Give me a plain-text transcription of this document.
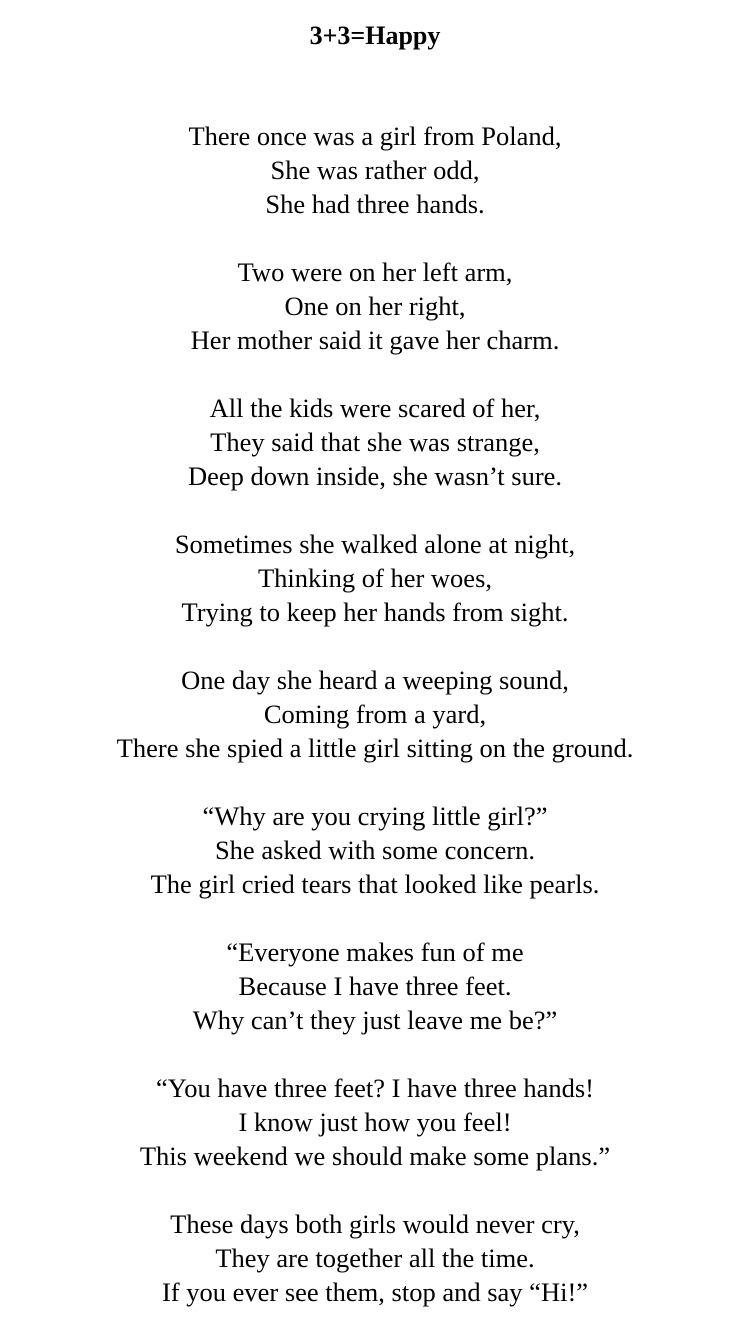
3+3=Happy
There once was a girl from Poland,
She was rather odd,
She had three hands.
Two were on her left arm,
One on her right,
Her mother said it gave her charm.
All the kids were scared of her,
They said that she was strange,
Deep down inside, she wasn’t sure.
Sometimes she walked alone at night,
Thinking of her woes,
Trying to keep her hands from sight.
One day she heard a weeping sound,
Coming from a yard,
There she spied a little girl sitting on the ground.
“Why are you crying little girl?”
She asked with some concern.
The girl cried tears that looked like pearls.
“Everyone makes fun of me
Because I have three feet.
Why can’t they just leave me be?”
“You have three feet? I have three hands!
I know just how you feel!
This weekend we should make some plans.”
These days both girls would never cry,
They are together all the time.
If you ever see them, stop and say “Hi!”
